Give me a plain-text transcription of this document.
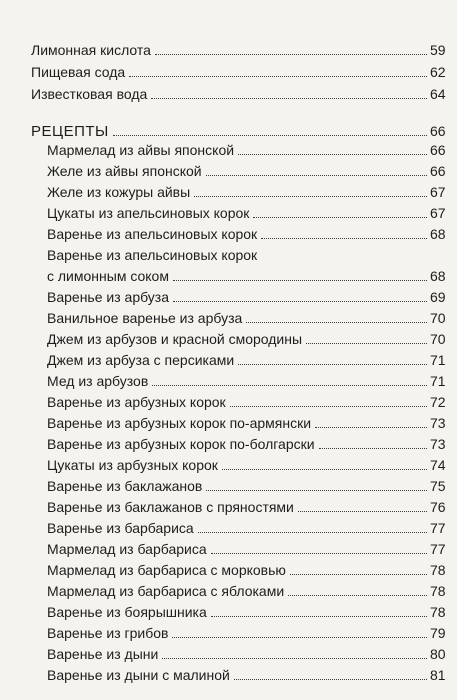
Лимонная кислота	59
Пищевая сода	62
Известковая вода	64
РЕЦЕПТЫ	66
Мармелад из айвы японской	66
Желе из айвы японской	66
Желе из кожуры айвы	67
Цукаты из апельсиновых корок	67
Варенье из апельсиновых корок	68
Варенье из апельсиновых корок
с лимонным соком	68
Варенье из арбуза	69
Ванильное варенье из арбуза	70
Джем из арбузов и красной смородины	70
Джем из арбуза с персиками	71
Мед из арбузов	71
Варенье из арбузных корок	72
Варенье из арбузных корок по-армянски	73
Варенье из арбузных корок по-болгарски	73
Цукаты из арбузных корок	74
Варенье из баклажанов	75
Варенье из баклажанов с пряностями	76
Варенье из барбариса	77
Мармелад из барбариса	77
Мармелад из барбариса с морковью	78
Мармелад из барбариса с яблоками	78
Варенье из боярышника	78
Варенье из грибов	79
Варенье из дыни	80
Варенье из дыни с малиной	81
